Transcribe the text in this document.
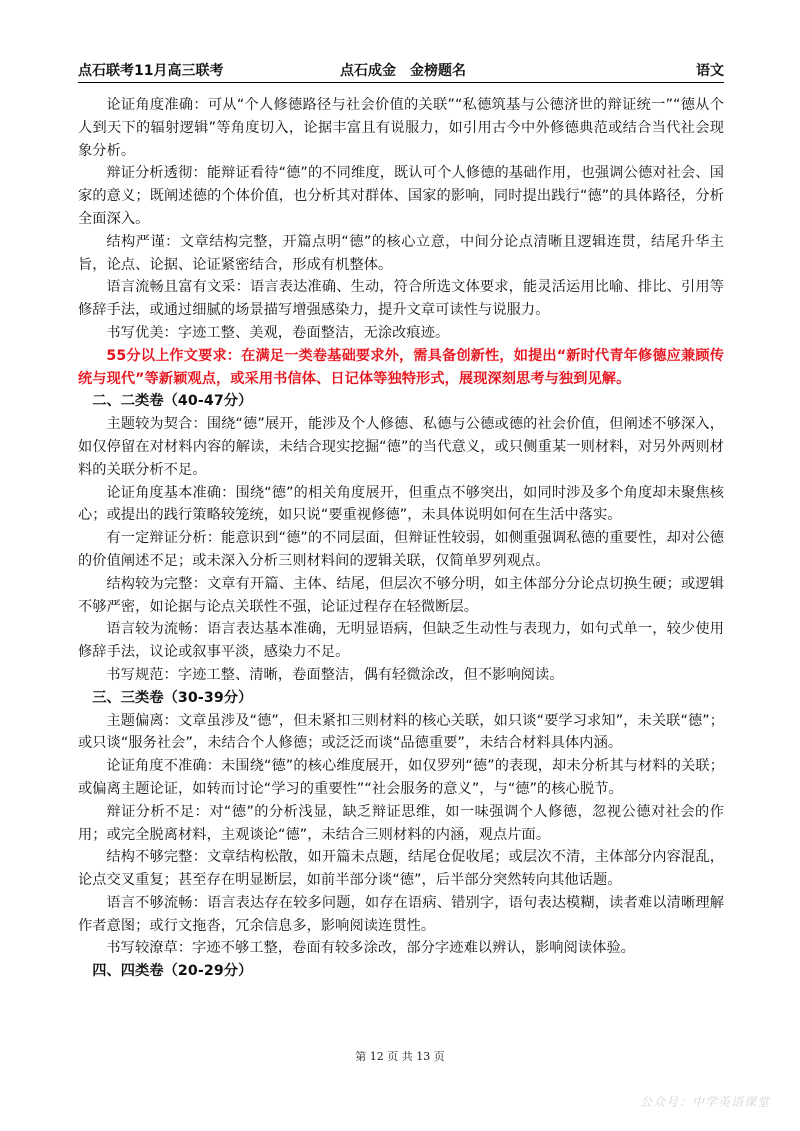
点石联考11月高三联考	点石成金　金榜题名	语文

论证角度准确：可从“个人修德路径与社会价值的关联”“私德筑基与公德济世的辩证统一”“德从个人到天下的辐射逻辑”等角度切入，论据丰富且有说服力，如引用古今中外修德典范或结合当代社会现象分析。

辩证分析透彻：能辩证看待“德”的不同维度，既认可个人修德的基础作用，也强调公德对社会、国家的意义；既阐述德的个体价值，也分析其对群体、国家的影响，同时提出践行“德”的具体路径，分析全面深入。

结构严谨：文章结构完整，开篇点明“德”的核心立意，中间分论点清晰且逻辑连贯，结尾升华主旨，论点、论据、论证紧密结合，形成有机整体。

语言流畅且富有文采：语言表达准确、生动，符合所选文体要求，能灵活运用比喻、排比、引用等修辞手法，或通过细腻的场景描写增强感染力，提升文章可读性与说服力。

书写优美：字迹工整、美观，卷面整洁，无涂改痕迹。

55分以上作文要求：在满足一类卷基础要求外，需具备创新性，如提出“新时代青年修德应兼顾传统与现代”等新颖观点，或采用书信体、日记体等独特形式，展现深刻思考与独到见解。

二、二类卷（40-47分）

主题较为契合：围绕“德”展开，能涉及个人修德、私德与公德或德的社会价值，但阐述不够深入，如仅停留在对材料内容的解读，未结合现实挖掘“德”的当代意义，或只侧重某一则材料，对另外两则材料的关联分析不足。

论证角度基本准确：围绕“德”的相关角度展开，但重点不够突出，如同时涉及多个角度却未聚焦核心；或提出的践行策略较笼统，如只说“要重视修德”，未具体说明如何在生活中落实。

有一定辩证分析：能意识到“德”的不同层面，但辩证性较弱，如侧重强调私德的重要性，却对公德的价值阐述不足；或未深入分析三则材料间的逻辑关联，仅简单罗列观点。

结构较为完整：文章有开篇、主体、结尾，但层次不够分明，如主体部分分论点切换生硬；或逻辑不够严密，如论据与论点关联性不强，论证过程存在轻微断层。

语言较为流畅：语言表达基本准确，无明显语病，但缺乏生动性与表现力，如句式单一，较少使用修辞手法，议论或叙事平淡，感染力不足。

书写规范：字迹工整、清晰，卷面整洁，偶有轻微涂改，但不影响阅读。

三、三类卷（30-39分）

主题偏离：文章虽涉及“德”，但未紧扣三则材料的核心关联，如只谈“要学习求知”，未关联“德”；或只谈“服务社会”，未结合个人修德；或泛泛而谈“品德重要”，未结合材料具体内涵。

论证角度不准确：未围绕“德”的核心维度展开，如仅罗列“德”的表现，却未分析其与材料的关联；或偏离主题论证，如转而讨论“学习的重要性”“社会服务的意义”，与“德”的核心脱节。

辩证分析不足：对“德”的分析浅显，缺乏辩证思维，如一味强调个人修德，忽视公德对社会的作用；或完全脱离材料，主观谈论“德”，未结合三则材料的内涵，观点片面。

结构不够完整：文章结构松散，如开篇未点题，结尾仓促收尾；或层次不清，主体部分内容混乱，论点交叉重复；甚至存在明显断层，如前半部分谈“德”，后半部分突然转向其他话题。

语言不够流畅：语言表达存在较多问题，如存在语病、错别字，语句表达模糊，读者难以清晰理解作者意图；或行文拖沓，冗余信息多，影响阅读连贯性。

书写较潦草：字迹不够工整，卷面有较多涂改，部分字迹难以辨认，影响阅读体验。

四、四类卷（20-29分）

第 12 页 共 13 页
公众号：中学英语课堂
